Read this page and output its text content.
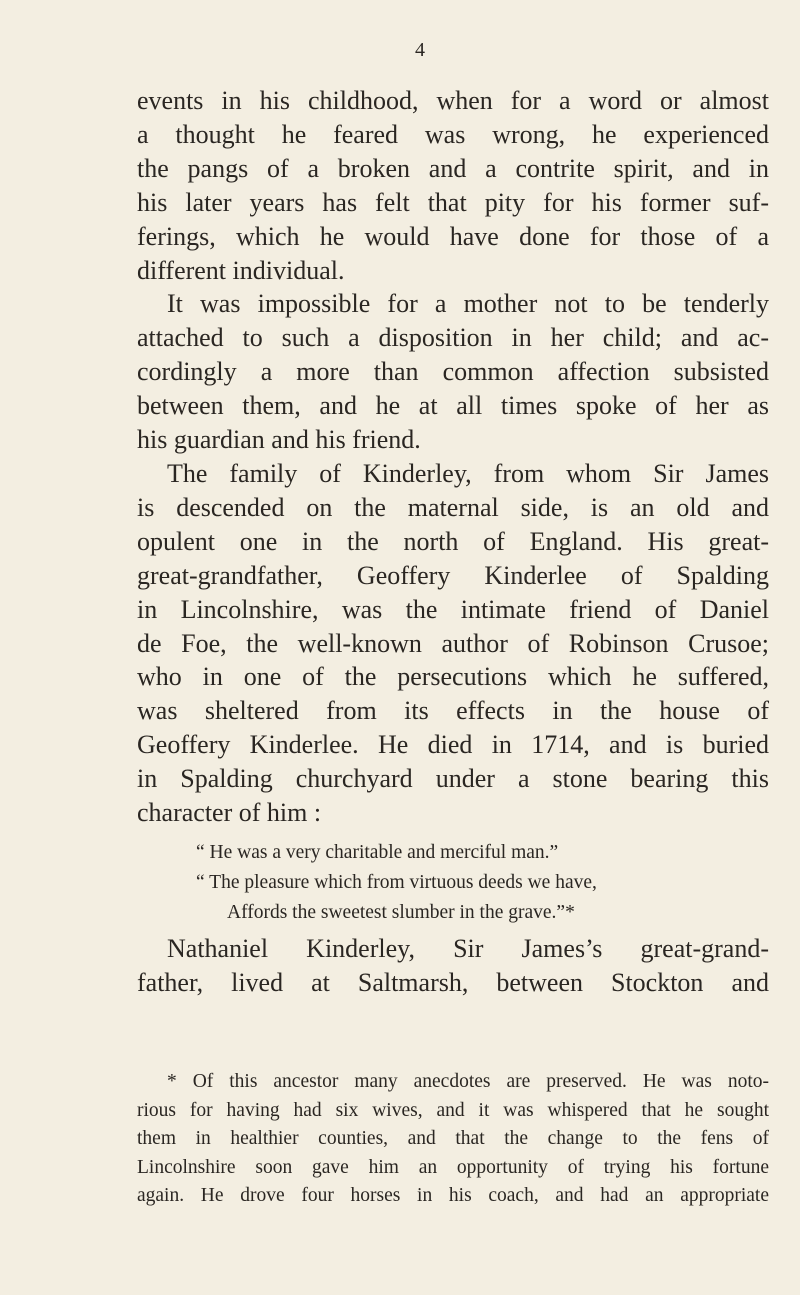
4

events in his childhood, when for a word or almost
a thought he feared was wrong, he experienced
the pangs of a broken and a contrite spirit, and in
his later years has felt that pity for his former suf-
ferings, which he would have done for those of a
different individual.

It was impossible for a mother not to be tenderly
attached to such a disposition in her child; and ac-
cordingly a more than common affection subsisted
between them, and he at all times spoke of her as
his guardian and his friend.

The family of Kinderley, from whom Sir James
is descended on the maternal side, is an old and
opulent one in the north of England. His great-
great-grandfather, Geoffery Kinderlee of Spalding
in Lincolnshire, was the intimate friend of Daniel
de Foe, the well-known author of Robinson Crusoe;
who in one of the persecutions which he suffered,
was sheltered from its effects in the house of
Geoffery Kinderlee. He died in 1714, and is buried
in Spalding churchyard under a stone bearing this
character of him :

“ He was a very charitable and merciful man.”
“ The pleasure which from virtuous deeds we have,
Affords the sweetest slumber in the grave.”*

Nathaniel Kinderley, Sir James’s great-grand-
father, lived at Saltmarsh, between Stockton and

* Of this ancestor many anecdotes are preserved. He was noto-
rious for having had six wives, and it was whispered that he sought
them in healthier counties, and that the change to the fens of
Lincolnshire soon gave him an opportunity of trying his fortune
again. He drove four horses in his coach, and had an appropriate
